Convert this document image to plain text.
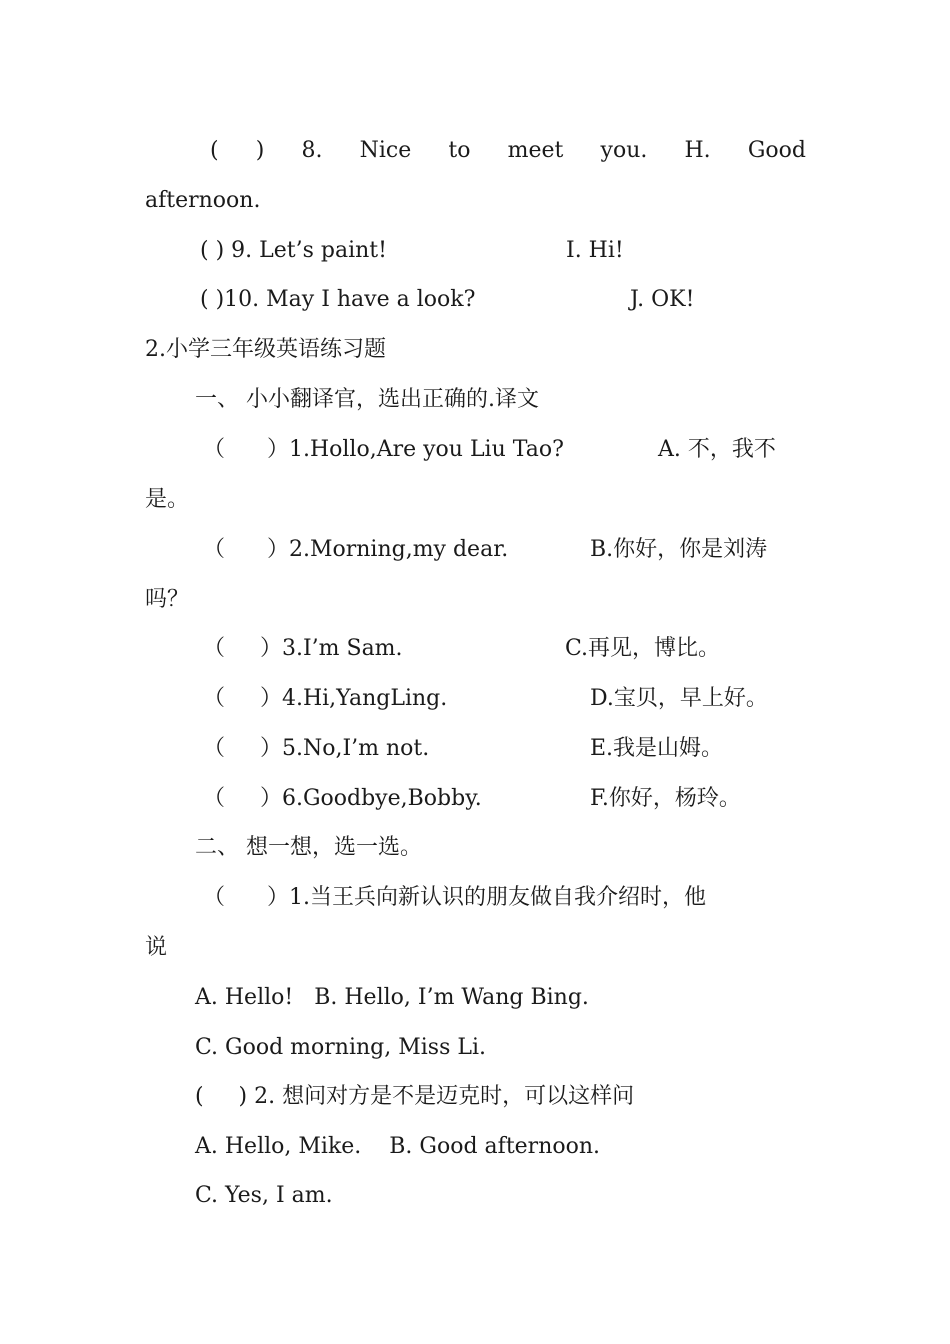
( ) 8. Nice to meet you. H. Good
afternoon.
( ) 9. Let’s paint!	I. Hi!
( )10. May I have a look?	J. OK!
2.小学三年级英语练习题
一、 小小翻译官，选出正确的.译文
（      ）1.Hollo,Are you Liu Tao?	A. 不，我不
是。
（      ）2.Morning,my dear.	B.你好，你是刘涛
吗？
（     ）3.I’m Sam.	C.再见，博比。
（     ）4.Hi,YangLing.	D.宝贝，早上好。
（     ）5.No,I’m not.	E.我是山姆。
（     ）6.Goodbye,Bobby.	F.你好，杨玲。
二、 想一想，选一选。
（      ）1.当王兵向新认识的朋友做自我介绍时，他
说
A. Hello!   B. Hello, I’m Wang Bing.
C. Good morning, Miss Li.
(     ) 2. 想问对方是不是迈克时，可以这样问
A. Hello, Mike.    B. Good afternoon.
C. Yes, I am.
